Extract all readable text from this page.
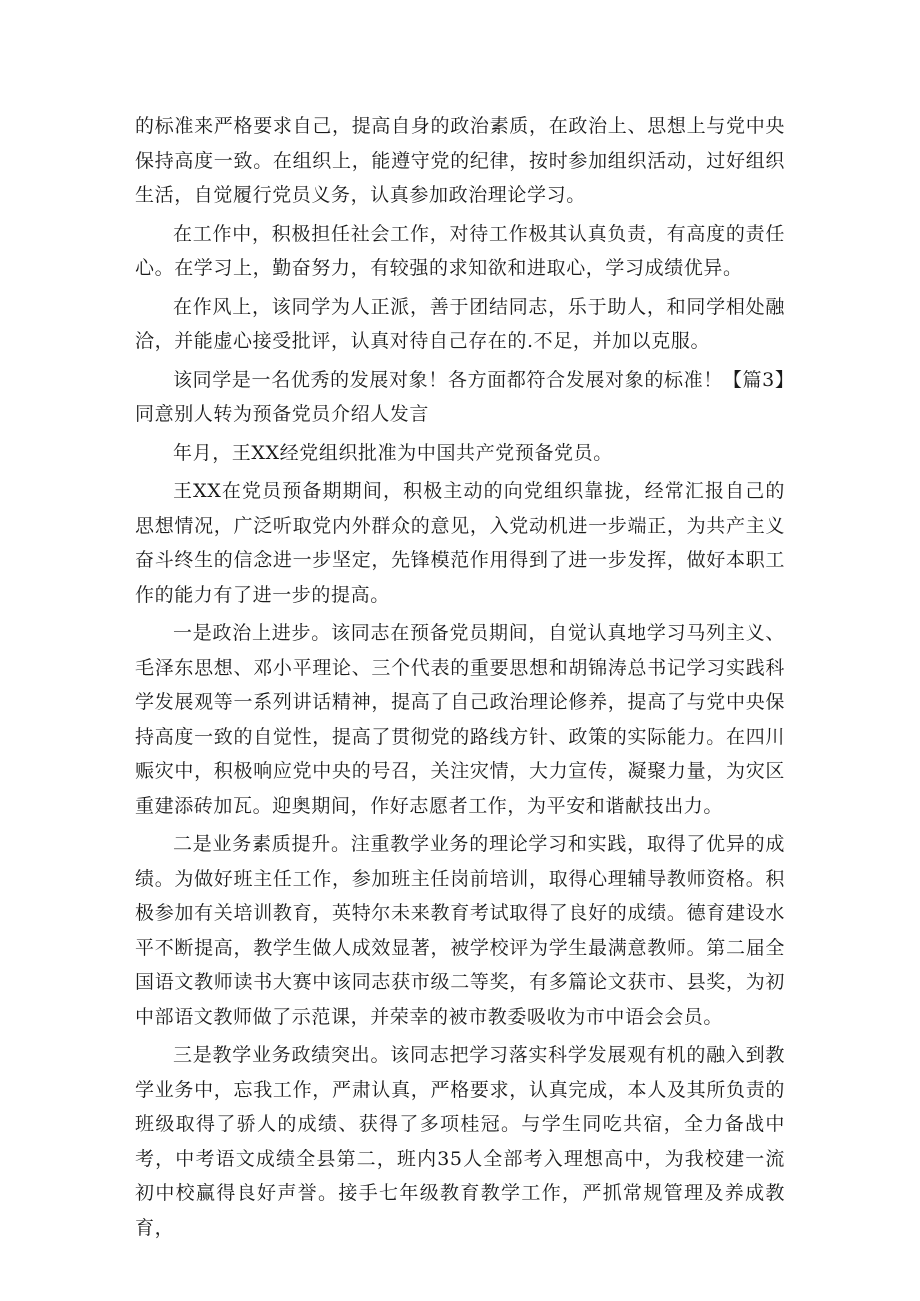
的标准来严格要求自己，提高自身的政治素质，在政治上、思想上与党中央保持高度一致。在组织上，能遵守党的纪律，按时参加组织活动，过好组织生活，自觉履行党员义务，认真参加政治理论学习。

在工作中，积极担任社会工作，对待工作极其认真负责，有高度的责任心。在学习上，勤奋努力，有较强的求知欲和进取心，学习成绩优异。

在作风上，该同学为人正派，善于团结同志，乐于助人，和同学相处融洽，并能虚心接受批评，认真对待自己存在的.不足，并加以克服。

该同学是一名优秀的发展对象！各方面都符合发展对象的标准！【篇3】同意别人转为预备党员介绍人发言

年月，王XX经党组织批准为中国共产党预备党员。

王XX在党员预备期期间，积极主动的向党组织靠拢，经常汇报自己的思想情况，广泛听取党内外群众的意见，入党动机进一步端正，为共产主义奋斗终生的信念进一步坚定，先锋模范作用得到了进一步发挥，做好本职工作的能力有了进一步的提高。

一是政治上进步。该同志在预备党员期间，自觉认真地学习马列主义、毛泽东思想、邓小平理论、三个代表的重要思想和胡锦涛总书记学习实践科学发展观等一系列讲话精神，提高了自己政治理论修养，提高了与党中央保持高度一致的自觉性，提高了贯彻党的路线方针、政策的实际能力。在四川赈灾中，积极响应党中央的号召，关注灾情，大力宣传，凝聚力量，为灾区重建添砖加瓦。迎奥期间，作好志愿者工作，为平安和谐献技出力。

二是业务素质提升。注重教学业务的理论学习和实践，取得了优异的成绩。为做好班主任工作，参加班主任岗前培训，取得心理辅导教师资格。积极参加有关培训教育，英特尔未来教育考试取得了良好的成绩。德育建设水平不断提高，教学生做人成效显著，被学校评为学生最满意教师。第二届全国语文教师读书大赛中该同志获市级二等奖，有多篇论文获市、县奖，为初中部语文教师做了示范课，并荣幸的被市教委吸收为市中语会会员。

三是教学业务政绩突出。该同志把学习落实科学发展观有机的融入到教学业务中，忘我工作，严肃认真，严格要求，认真完成，本人及其所负责的班级取得了骄人的成绩、获得了多项桂冠。与学生同吃共宿，全力备战中考，中考语文成绩全县第二，班内35人全部考入理想高中，为我校建一流初中校赢得良好声誉。接手七年级教育教学工作，严抓常规管理及养成教育，
